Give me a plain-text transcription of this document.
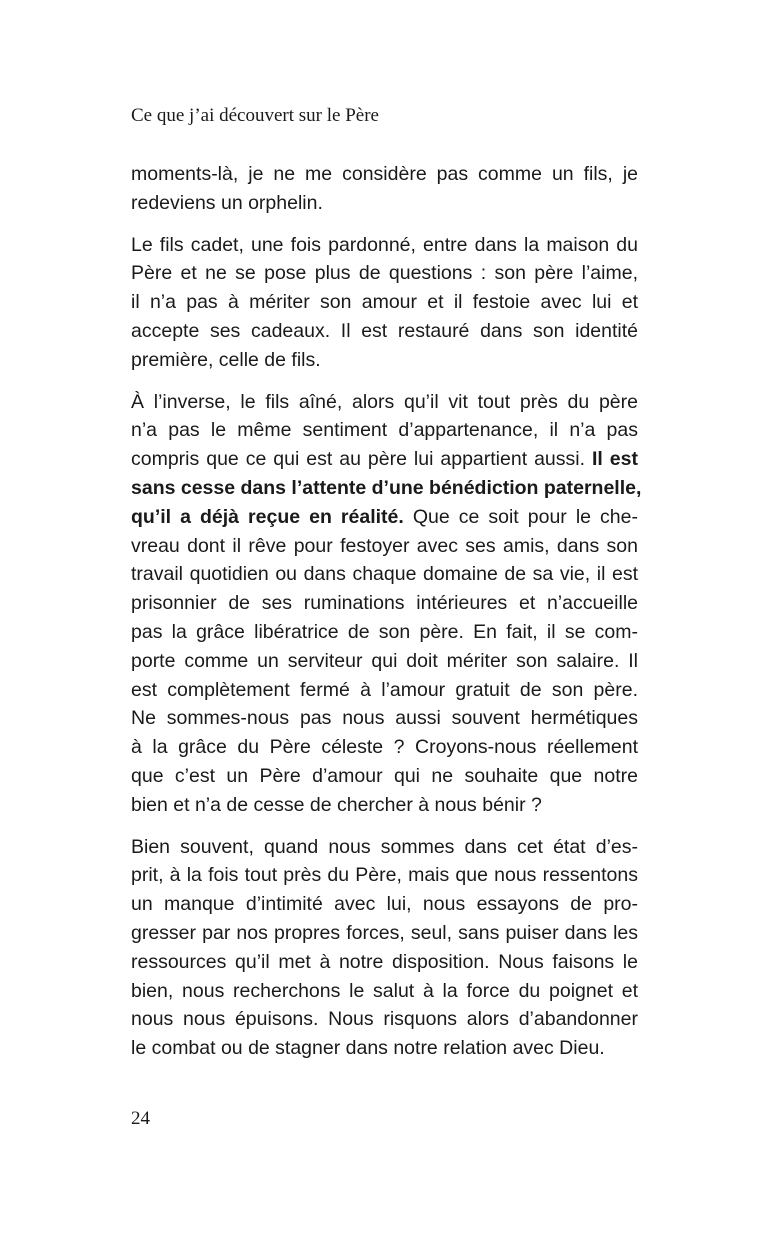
Ce que j’ai découvert sur le Père
moments-là, je ne me considère pas comme un fils, je
redeviens un orphelin.
Le fils cadet, une fois pardonné, entre dans la maison du
Père et ne se pose plus de questions : son père l’aime,
il n’a pas à mériter son amour et il festoie avec lui et
accepte ses cadeaux. Il est restauré dans son identité
première, celle de fils.
À l’inverse, le fils aîné, alors qu’il vit tout près du père
n’a pas le même sentiment d’appartenance, il n’a pas
compris que ce qui est au père lui appartient aussi. Il est
sans cesse dans l’attente d’une bénédiction paternelle,
qu’il a déjà reçue en réalité. Que ce soit pour le che-
vreau dont il rêve pour festoyer avec ses amis, dans son
travail quotidien ou dans chaque domaine de sa vie, il est
prisonnier de ses ruminations intérieures et n’accueille
pas la grâce libératrice de son père. En fait, il se com-
porte comme un serviteur qui doit mériter son salaire. Il
est complètement fermé à l’amour gratuit de son père.
Ne sommes-nous pas nous aussi souvent hermétiques
à la grâce du Père céleste ? Croyons-nous réellement
que c’est un Père d’amour qui ne souhaite que notre
bien et n’a de cesse de chercher à nous bénir ?
Bien souvent, quand nous sommes dans cet état d’es-
prit, à la fois tout près du Père, mais que nous ressentons
un manque d’intimité avec lui, nous essayons de pro-
gresser par nos propres forces, seul, sans puiser dans les
ressources qu’il met à notre disposition. Nous faisons le
bien, nous recherchons le salut à la force du poignet et
nous nous épuisons. Nous risquons alors d’abandonner
le combat ou de stagner dans notre relation avec Dieu.
24
